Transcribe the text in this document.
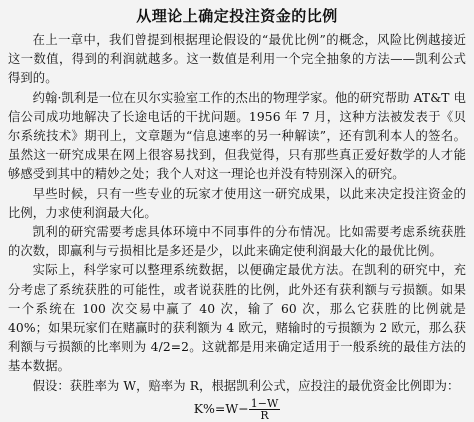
从理论上确定投注资金的比例

在上一章中，我们曾提到根据理论假设的“最优比例”的概念，风险比例越接近这一数值，得到的利润就越多。这一数值是利用一个完全抽象的方法——凯利公式得到的。

约翰·凯利是一位在贝尔实验室工作的杰出的物理学家。他的研究帮助 AT&T 电信公司成功地解决了长途电话的干扰问题。1956 年 7 月，这种方法被发表于《贝尔系统技术》期刊上，文章题为“信息速率的另一种解读”，还有凯利本人的签名。虽然这一研究成果在网上很容易找到，但我觉得，只有那些真正爱好数学的人才能够感受到其中的精妙之处；我个人对这一理论也并没有特别深入的研究。

早些时候，只有一些专业的玩家才使用这一研究成果，以此来决定投注资金的比例，力求使利润最大化。

凯利的研究需要考虑具体环境中不同事件的分布情况。比如需要考虑系统获胜的次数，即赢利与亏损相比是多还是少，以此来确定使利润最大化的最优比例。

实际上，科学家可以整理系统数据，以便确定最优方法。在凯利的研究中，充分考虑了系统获胜的可能性，或者说获胜的比例，此外还有获利额与亏损额。如果一个系统在 100 次交易中赢了 40 次，输了 60 次，那么它获胜的比例就是 40%；如果玩家们在赌赢时的获利额为 4 欧元，赌输时的亏损额为 2 欧元，那么获利额与亏损额的比率则为 4/2=2。这就都是用来确定适用于一般系统的最佳方法的基本数据。

假设：获胜率为 W，赔率为 R，根据凯利公式，应投注的最优资金比例即为：

$K\%=W- \frac{1-W}{R}$
